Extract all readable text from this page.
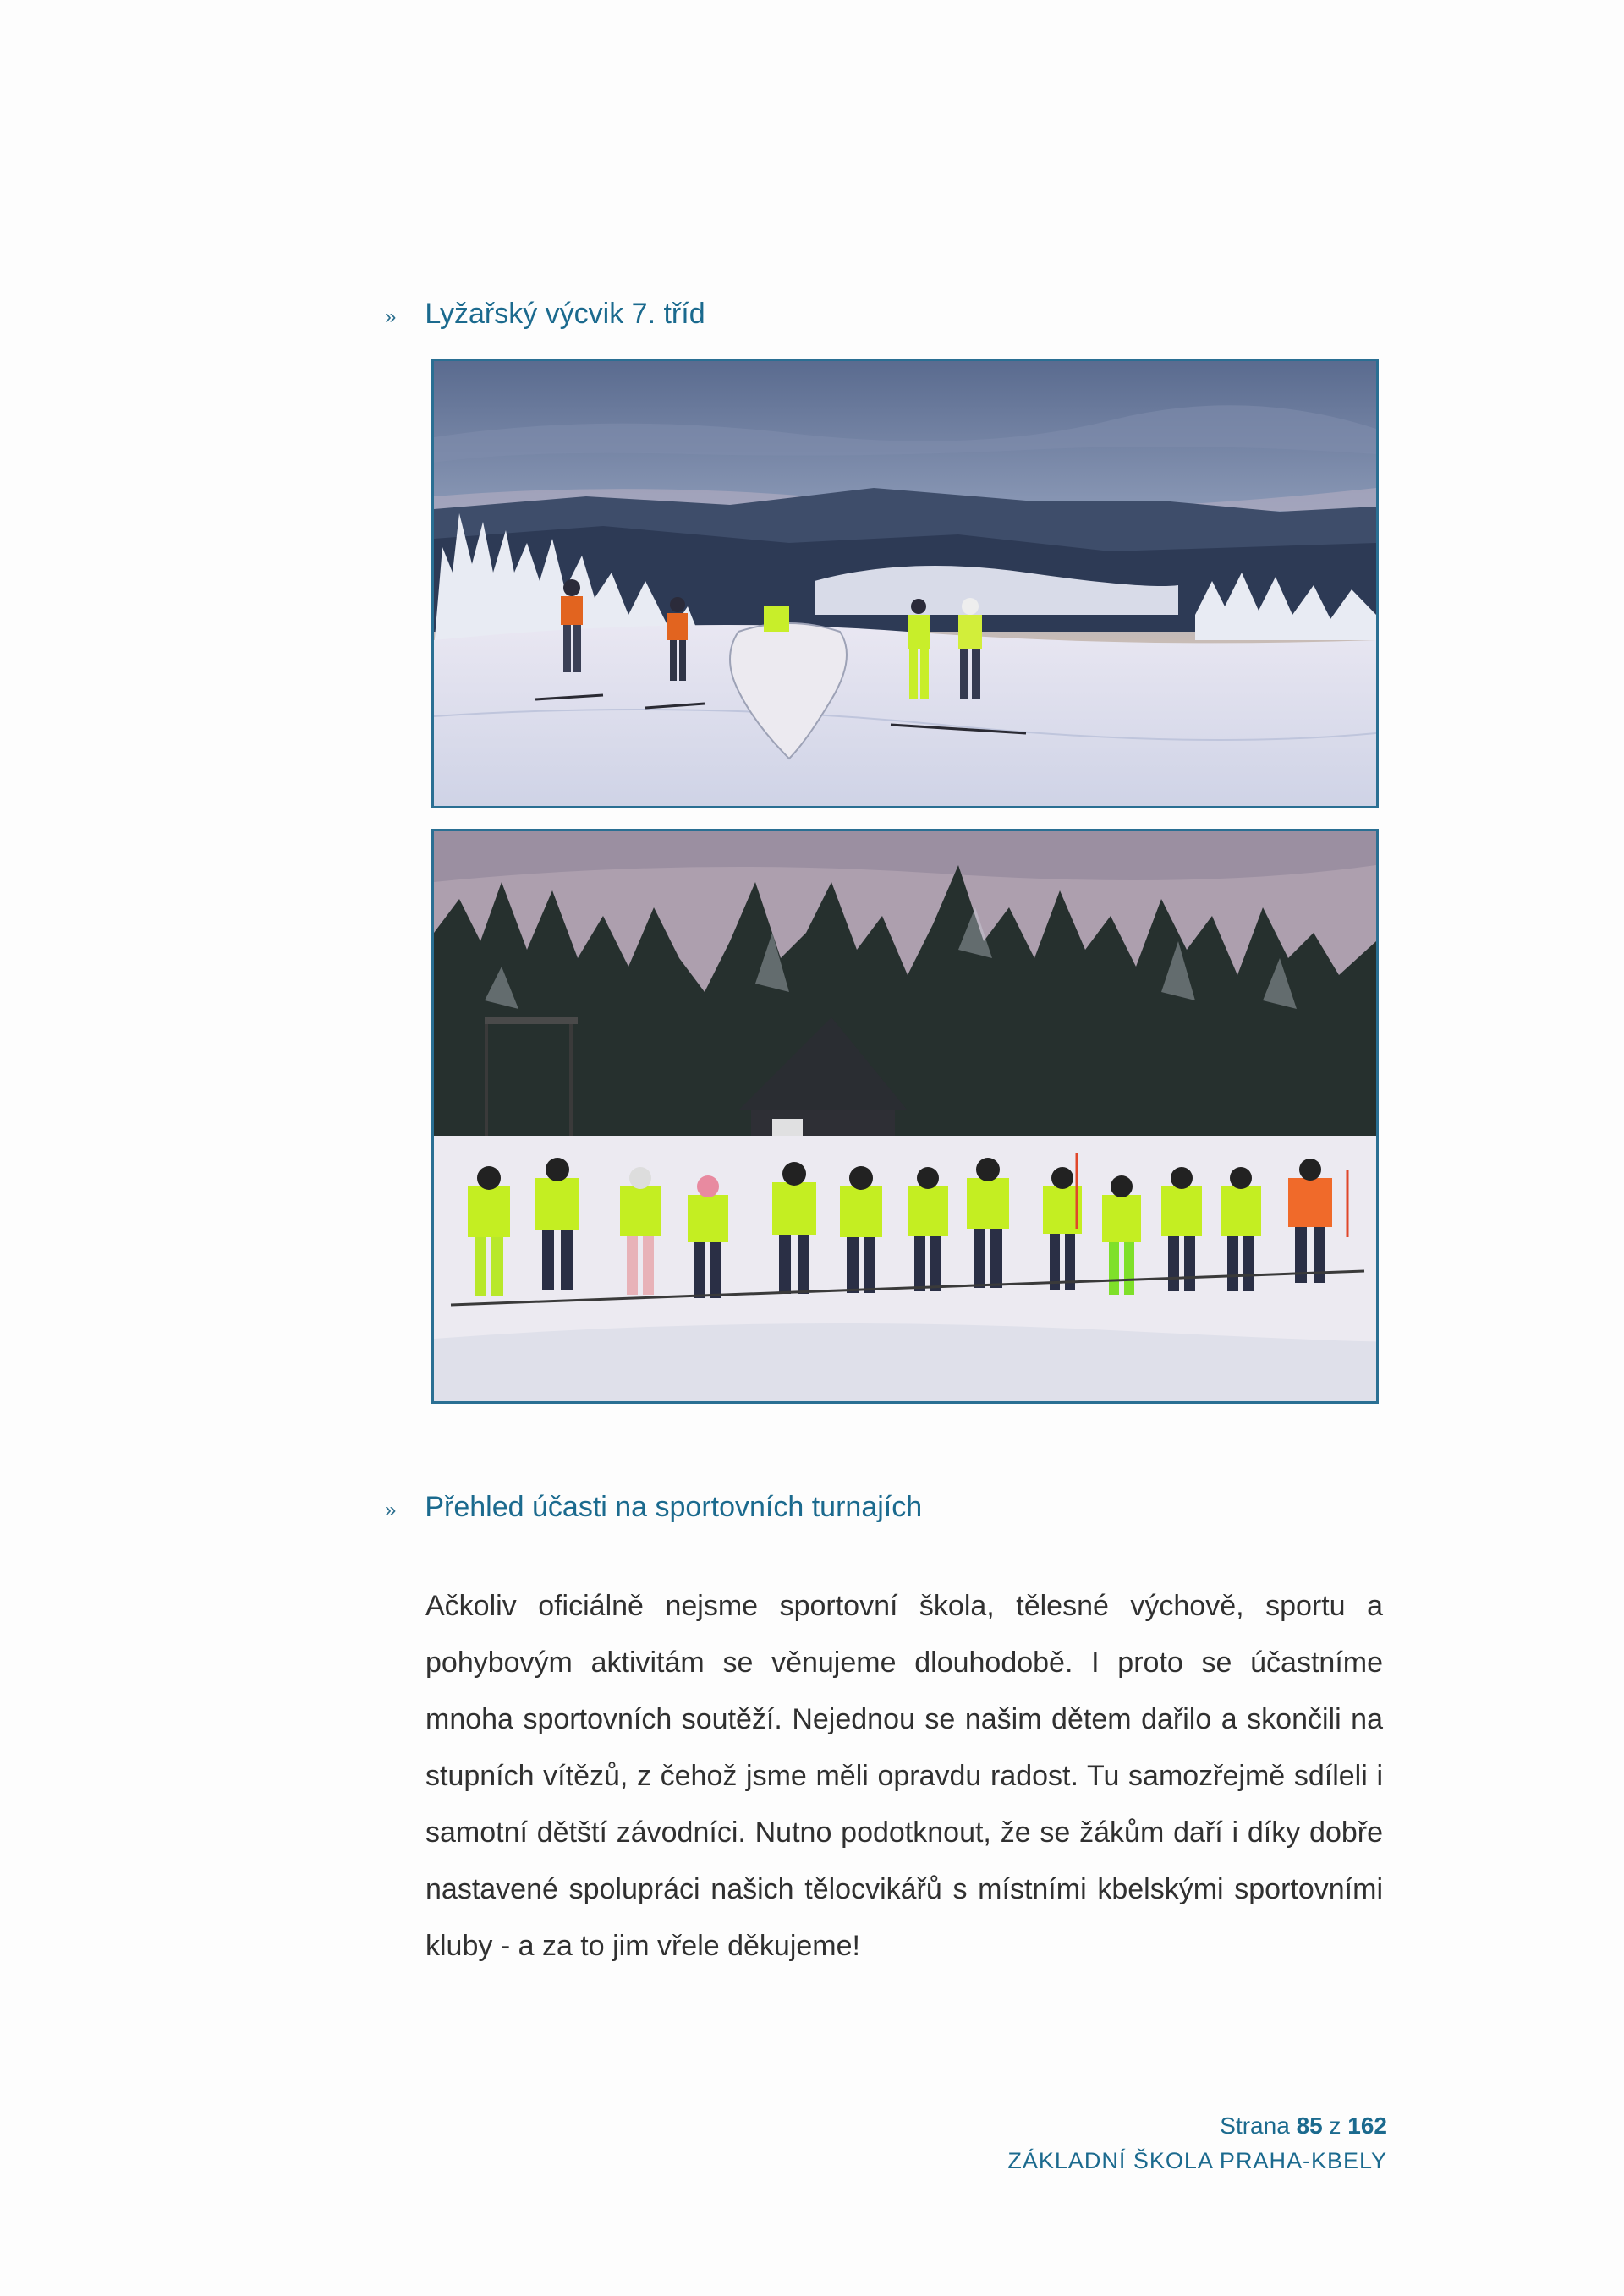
» Lyžařský výcvik 7. tříd
» Přehled účasti na sportovních turnajích

Ačkoliv oficiálně nejsme sportovní škola, tělesné výchově, sportu a pohybovým aktivitám se věnujeme dlouhodobě. I proto se účastníme mnoha sportovních soutěží. Nejednou se našim dětem dařilo a skončili na stupních vítězů, z čehož jsme měli opravdu radost. Tu samozřejmě sdíleli i samotní dětští závodníci. Nutno podotknout, že se žákům daří i díky dobře nastavené spolupráci našich tělocvikářů s místními kbelskými sportovními kluby - a za to jim vřele děkujeme!

Strana 85 z 162
ZÁKLADNÍ ŠKOLA PRAHA-KBELY
